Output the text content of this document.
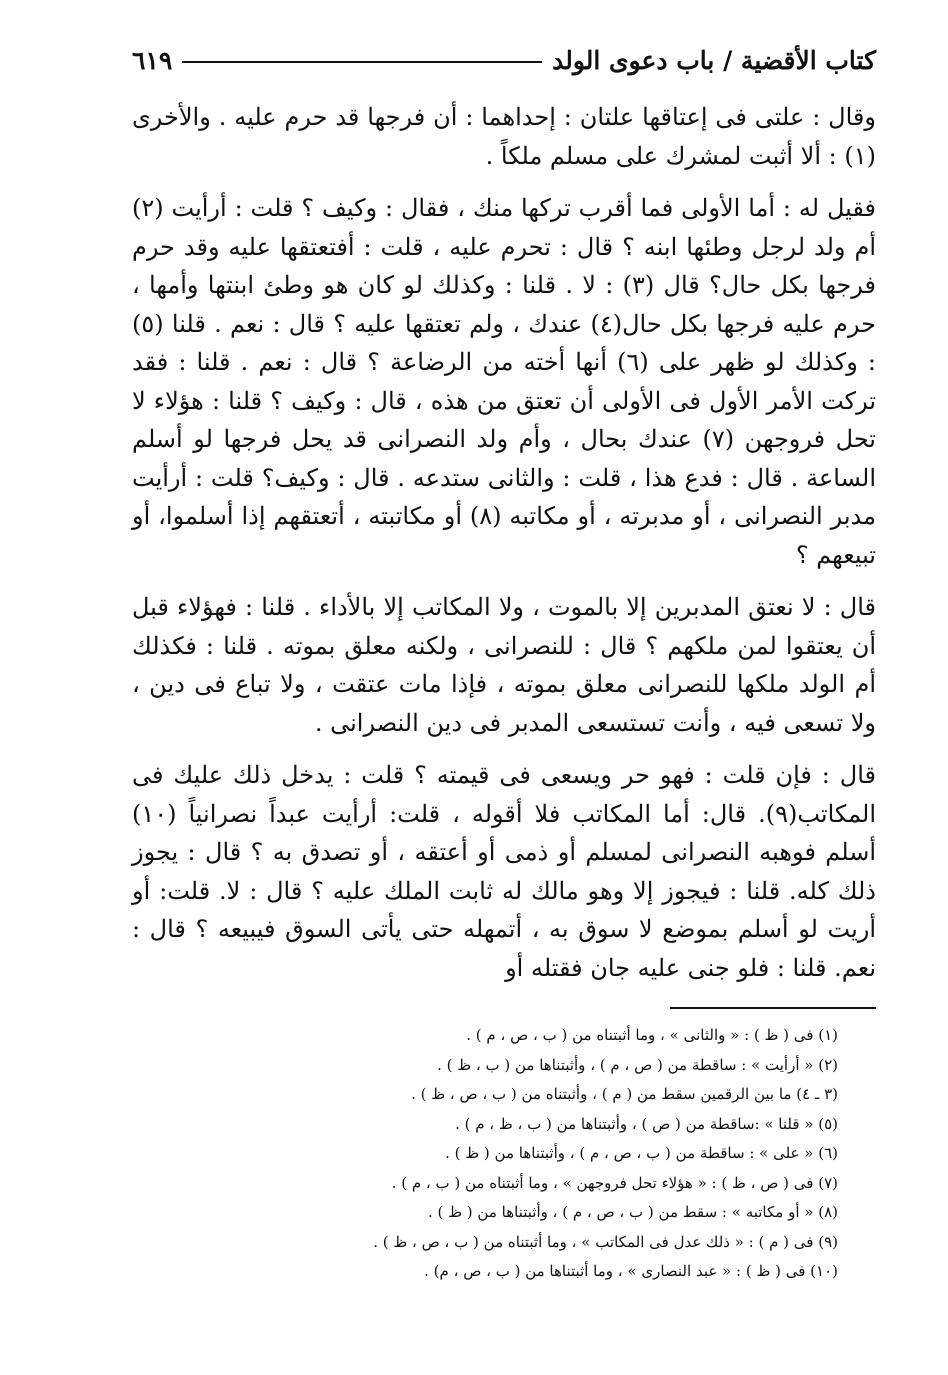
كتاب الأقضية / باب دعوى الولد
٦١٩

وقال : علتى فى إعتاقها علتان : إحداهما : أن فرجها قد حرم عليه . والأخرى (١) : ألا أثبت لمشرك على مسلم ملكاً .

فقيل له : أما الأولى فما أقرب تركها منك ، فقال : وكيف ؟ قلت : أرأيت (٢) أم ولد لرجل وطئها ابنه ؟ قال : تحرم عليه ، قلت : أفتعتقها عليه وقد حرم فرجها بكل حال؟ قال (٣) : لا . قلنا : وكذلك لو كان هو وطئ ابنتها وأمها ، حرم عليه فرجها بكل حال(٤) عندك ، ولم تعتقها عليه ؟ قال : نعم . قلنا (٥) : وكذلك لو ظهر على (٦) أنها أخته من الرضاعة ؟ قال : نعم . قلنا : فقد تركت الأمر الأول فى الأولى أن تعتق من هذه ، قال : وكيف ؟ قلنا : هؤلاء لا تحل فروجهن (٧) عندك بحال ، وأم ولد النصرانى قد يحل فرجها لو أسلم الساعة . قال : فدع هذا ، قلت : والثانى ستدعه . قال : وكيف؟ قلت : أرأيت مدبر النصرانى ، أو مدبرته ، أو مكاتبه (٨) أو مكاتبته ، أتعتقهم إذا أسلموا، أو تبيعهم ؟

قال : لا نعتق المدبرين إلا بالموت ، ولا المكاتب إلا بالأداء . قلنا : فهؤلاء قبل أن يعتقوا لمن ملكهم ؟ قال : للنصرانى ، ولكنه معلق بموته . قلنا : فكذلك أم الولد ملكها للنصرانى معلق بموته ، فإذا مات عتقت ، ولا تباع فى دين ، ولا تسعى فيه ، وأنت تستسعى المدبر فى دين النصرانى .

قال : فإن قلت : فهو حر ويسعى فى قيمته ؟ قلت : يدخل ذلك عليك فى المكاتب(٩). قال: أما المكاتب فلا أقوله ، قلت: أرأيت عبداً نصرانياً (١٠) أسلم فوهبه النصرانى لمسلم أو ذمى أو أعتقه ، أو تصدق به ؟ قال : يجوز ذلك كله. قلنا : فيجوز إلا وهو مالك له ثابت الملك عليه ؟ قال : لا. قلت: أو أريت لو أسلم بموضع لا سوق به ، أتمهله حتى يأتى السوق فيبيعه ؟ قال : نعم. قلنا : فلو جنى عليه جان فقتله أو

(١) فى ( ظ ) : « والثانى » ، وما أثبتناه من ( ب ، ص ، م ) .
(٢) « أرأيت » : ساقطة من ( ص ، م ) ، وأثبتناها من ( ب ، ظ ) .
(٣ ـ ٤) ما بين الرقمين سقط من ( م ) ، وأثبتناه من ( ب ، ص ، ظ ) .
(٥) « قلنا » :ساقطة من ( ص ) ، وأثبتناها من ( ب ، ظ ، م ) .
(٦) « على » : ساقطة من ( ب ، ص ، م ) ، وأثبتناها من ( ظ ) .
(٧) فى ( ص ، ظ ) : « هؤلاء تحل فروجهن » ، وما أثبتناه من ( ب ، م ) .
(٨) « أو مكاتبه » : سقط من ( ب ، ص ، م ) ، وأثبتناها من ( ظ ) .
(٩) فى ( م ) : « ذلك عدل فى المكاتب » ، وما أثبتناه من ( ب ، ص ، ظ ) .
(١٠) فى ( ظ ) : « عبد النصارى » ، وما أثبتناها من ( ب ، ص ، م) .
